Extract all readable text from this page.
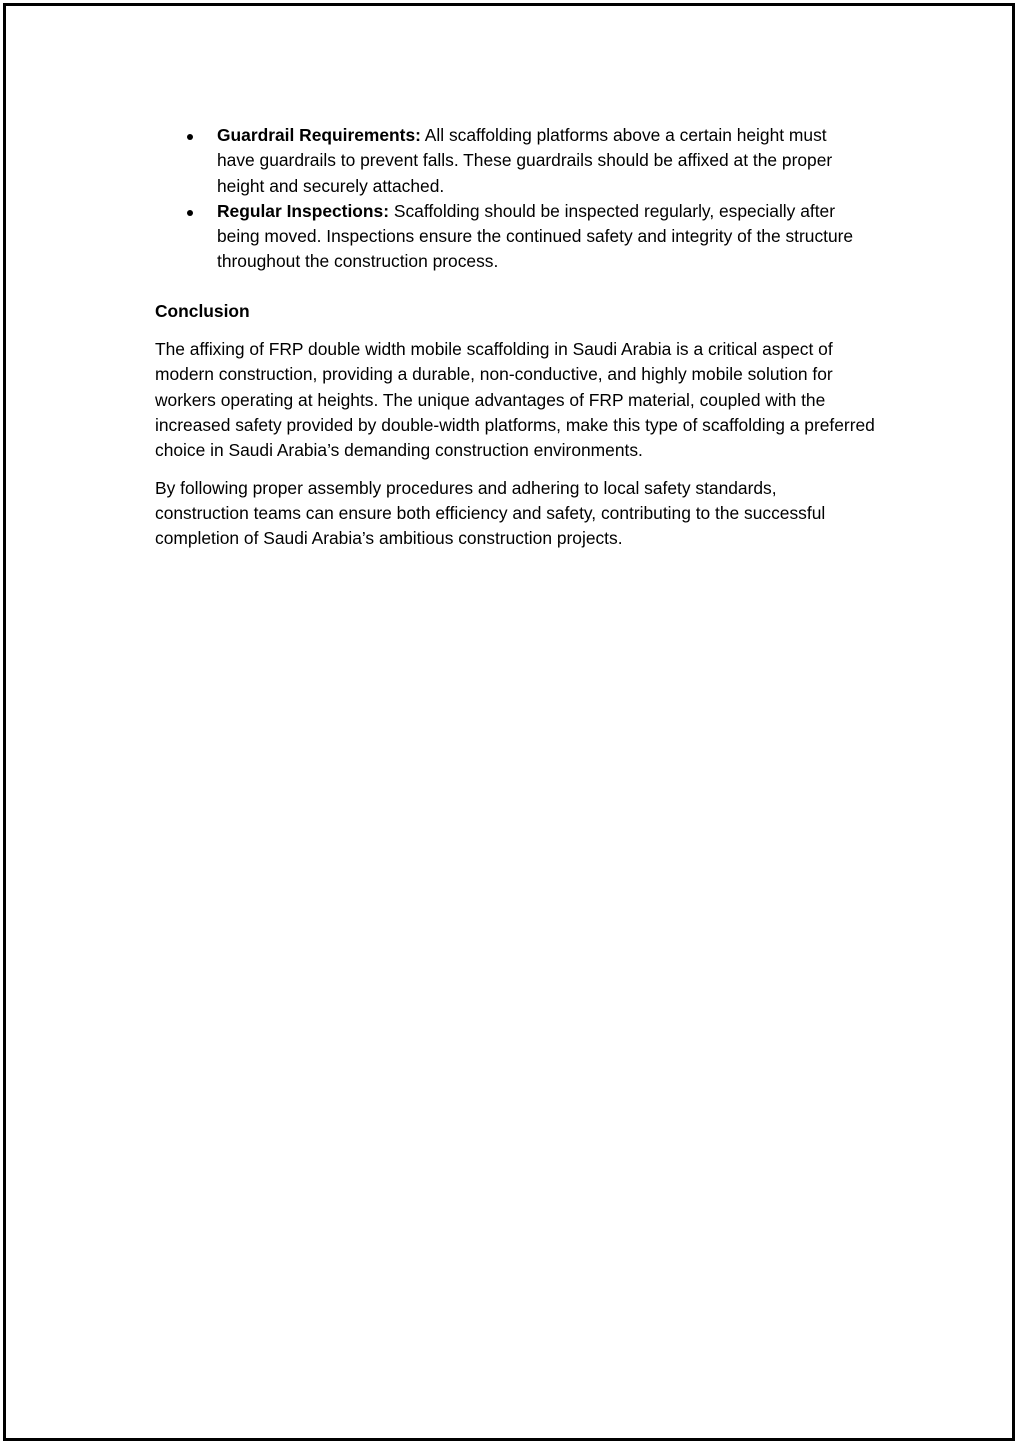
Guardrail Requirements: All scaffolding platforms above a certain height must have guardrails to prevent falls. These guardrails should be affixed at the proper height and securely attached.
Regular Inspections: Scaffolding should be inspected regularly, especially after being moved. Inspections ensure the continued safety and integrity of the structure throughout the construction process.
Conclusion

The affixing of FRP double width mobile scaffolding in Saudi Arabia is a critical aspect of modern construction, providing a durable, non-conductive, and highly mobile solution for workers operating at heights. The unique advantages of FRP material, coupled with the increased safety provided by double-width platforms, make this type of scaffolding a preferred choice in Saudi Arabia’s demanding construction environments.

By following proper assembly procedures and adhering to local safety standards, construction teams can ensure both efficiency and safety, contributing to the successful completion of Saudi Arabia’s ambitious construction projects.
